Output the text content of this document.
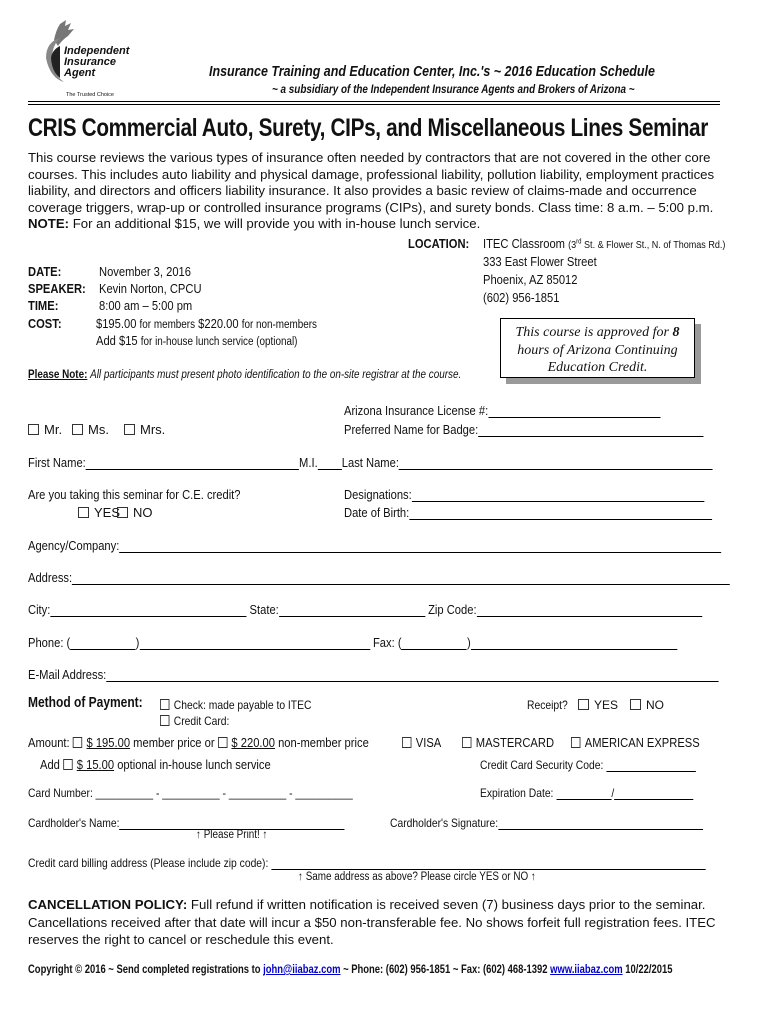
Independent
Insurance
Agent
The Trusted Choice
Insurance Training and Education Center, Inc.'s ~ 2016 Education Schedule
~ a subsidiary of the Independent Insurance Agents and Brokers of Arizona ~
CRIS Commercial Auto, Surety, CIPs, and Miscellaneous Lines Seminar
This course reviews the various types of insurance often needed by contractors that are not covered in the other core courses. This includes auto liability and physical damage, professional liability, pollution liability, employment practices liability, and directors and officers liability insurance. It also provides a basic review of claims-made and occurrence coverage triggers, wrap-up or controlled insurance programs (CIPs), and surety bonds. Class time: 8 a.m. – 5:00 p.m.
NOTE: For an additional $15, we will provide you with in-house lunch service.
LOCATION:	ITEC Classroom (3rd St. & Flower St., N. of Thomas Rd.)
333 East Flower Street
Phoenix, AZ 85012
(602) 956-1851
DATE:	November 3, 2016
SPEAKER:	Kevin Norton, CPCU
TIME:	8:00 am – 5:00 pm
COST:	$195.00 for members $220.00 for non-members
Add $15 for in-house lunch service (optional)
This course is approved for 8 hours of Arizona Continuing Education Credit.
Please Note: All participants must present photo identification to the on-site registrar at the course.
Arizona Insurance License #:
Mr.	Ms.	Mrs.	Preferred Name for Badge:
First Name:	M.I. Last Name:
Are you taking this seminar for C.E. credit?
YES NO
Designations:
Date of Birth:
Agency/Company:
Address:
City:	State:	Zip Code:
Phone: (	)	Fax: (	)
E-Mail Address:
Method of Payment:	Check: made payable to ITEC
Credit Card:
Receipt?	YES	NO
Amount: $ 195.00 member price or $ 220.00 non-member price	VISA	MASTERCARD	AMERICAN EXPRESS
Add $ 15.00 optional in-house lunch service	Credit Card Security Code:
Card Number: __________ - __________ - __________ - __________	Expiration Date:	/
Cardholder's Name:	Cardholder's Signature:
↑ Please Print! ↑
Credit card billing address (Please include zip code):
↑ Same address as above? Please circle YES or NO ↑
CANCELLATION POLICY: Full refund if written notification is received seven (7) business days prior to the seminar. Cancellations received after that date will incur a $50 non-transferable fee. No shows forfeit full registration fees. ITEC reserves the right to cancel or reschedule this event.
Copyright © 2016 ~ Send completed registrations to john@iiabaz.com ~ Phone: (602) 956-1851 ~ Fax: (602) 468-1392 www.iiabaz.com 10/22/2015
